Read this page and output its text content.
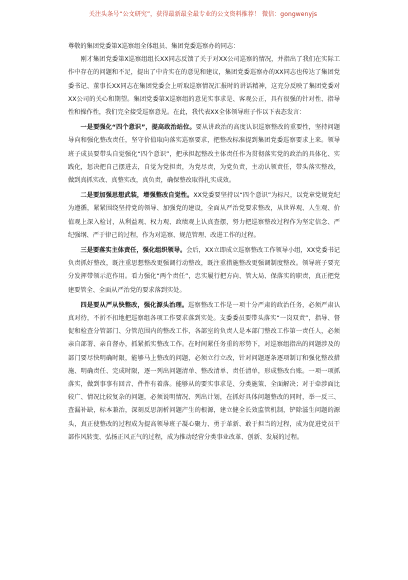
关注头条号“公文研究”，获得最新最全最专业的公文资料推荐！ 微信：gongwenyjs

尊敬的集团党委第X巡察组全体组员、集团党委巡察办的同志：

刚才集团党委第X巡察组组长XX同志反馈了关于对XX公司巡察的情况，并指出了我们在实际工作中存在的问题和不足，提出了中肯实在的意见和建议，集团党委巡察办的XX同志也传达了集团党委书记、董事长XX同志在集团党委会上听取巡察情况汇报时的讲话精神，这充分反映了集团党委对XX公司的关心和期望。集团党委第X巡察组的意见实事求是、客观公正，具有很强的针对性、指导性和操作性，我们完全接受巡察意见。在此，我代表XX全体领导班子作以下表态发言：

一是要强化“四个意识”，提高政治站位。要从讲政治的高度认识巡察整改的重要性，坚持问题导向和强化整改责任，坚守价值取向落实巡察要求，把整改标准提到集团党委巡察要求上来。领导班子成员要带头自觉强化“四个意识”，把承担起整改主体责任作为贯彻落实党的政治的具体化、实践化，惩决把自己摆进去，自觉为党担责，为党尽责，为党负责，主动认领责任，带头落实整改，做到真抓实改、真整实改，真负责，确保整改取得扎实成效。

二是要加强思想武装，增强整改自觉性。XX党委要坚持以“四个意识”为标尺，以党章党规党纪为遵循，紧紧围绕坚持党的领导、加强党的建设，全面从严治党要求整改，从世界观、人生观、价值观上深入检讨，从利益观、权力观、政绩观上认真查摆，努力把巡察整改过程作为坚定信念、严纪强纲、严于律己的过程，作为对巡察、规范管理、改进工作的过程。

三是要落实主体责任，强化组织领导。会后，XX立即成立巡察整改工作领导小组，XX党委书记负责抓好整改，既注重思想整改更强调行动整改，既注重措施整改更强调制度整改。领导班子要充分发挥带领示范作用。看力强化“两个责任”，忠实履行把方向、管大局、保落实的职责，真正把党建要管全、全面从严治党的要求落到实处。

四是要从严从快整改，强化源头治理。巡察整改工作是一项十分严肃的政治任务，必须严肃认真对待，不折不扣地把巡察组各项工作要求落到实处。支委委员要带头落实“一岗双责”，指导、督促和检查分管部门、分管范围内的整改工作，各部室的负责人是本部门整改工作第一责任人，必须亲自部署、亲自督办，抓紧抓实整改工作。在时间紧任务重的形势下，对巡察组指出的问题涉及的部门要尽快明确时限，能够马上整改的问题，必须立行立改，针对问题逐条逐项制订和强化整改措施、明确责任、完成时限，逐一列出问题清单、整改清单、责任清单，形成整改台账。一项一项抓落实，做到事事有回音、件件有着落。能够从的要实事求是、分类施策、全面解决；对于牵涉面比较广、情况比较复杂的问题，必须说明情况、列出计划，在抓好具体问题整改的同时，举一反三、查漏补缺，标本兼治，深刻反思剖析问题产生的根源，建立健全长效监管机制，铲除滋生问题的源头，真正使整改的过程成为提高领导班子凝心聚力、勇于革新、敢于担当的过程，成为促进党员干部作风转变、弘扬正风正气的过程，成为推动经营分类事业改革、创新、发展的过程。
